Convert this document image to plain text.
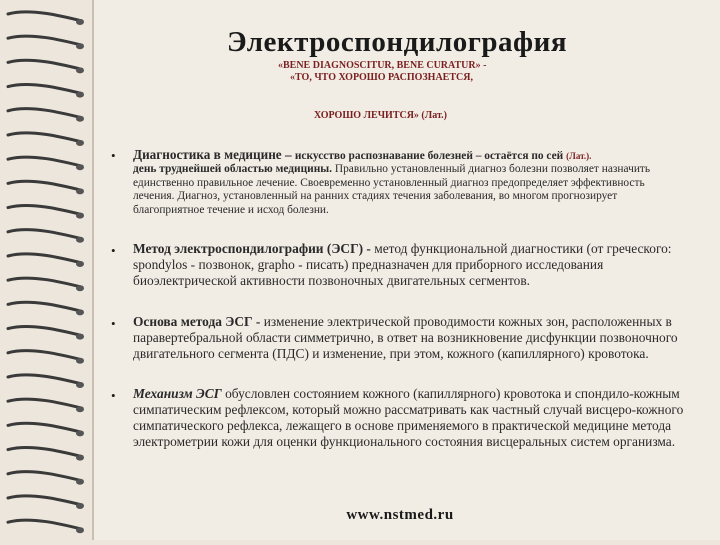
Электроспондилография
«BENE DIAGNOSCITUR, BENE CURATUR» -
«ТО, ЧТО ХОРОШО РАСПОЗНАЕТСЯ,
ХОРОШО ЛЕЧИТСЯ» (Лат.)
•
•
•
•
Диагностика в медицине – искусство распознавание болезней – остаётся по сей (Лат.).
день труднейшей областью медицины. Правильно установленный диагноз болезни позволяет назначить единственно правильное лечение. Своевременно установленный диагноз предопределяет эффективность лечения. Диагноз, установленный на ранних стадиях течения заболевания, во многом прогнозирует благоприятное течение и исход болезни.
Метод электроспондилографии (ЭСГ) - метод функциональной диагностики (от греческого: spondylos - позвонок, grapho - писать) предназначен для приборного исследования биоэлектрической активности позвоночных двигательных сегментов.
Основа метода ЭСГ - изменение электрической проводимости кожных зон, расположенных в паравертебральной области симметрично, в ответ на возникновение дисфункции позвоночного двигательного сегмента (ПДС) и изменение, при этом, кожного (капиллярного) кровотока.
Механизм ЭСГ обусловлен состоянием кожного (капиллярного) кровотока и спондило-кожным симпатическим рефлексом, который можно рассматривать как частный случай висцеро-кожного симпатического рефлекса, лежащего в основе применяемого в практической медицине метода электрометрии кожи для оценки функционального состояния висцеральных систем организма.
www.nstmed.ru
